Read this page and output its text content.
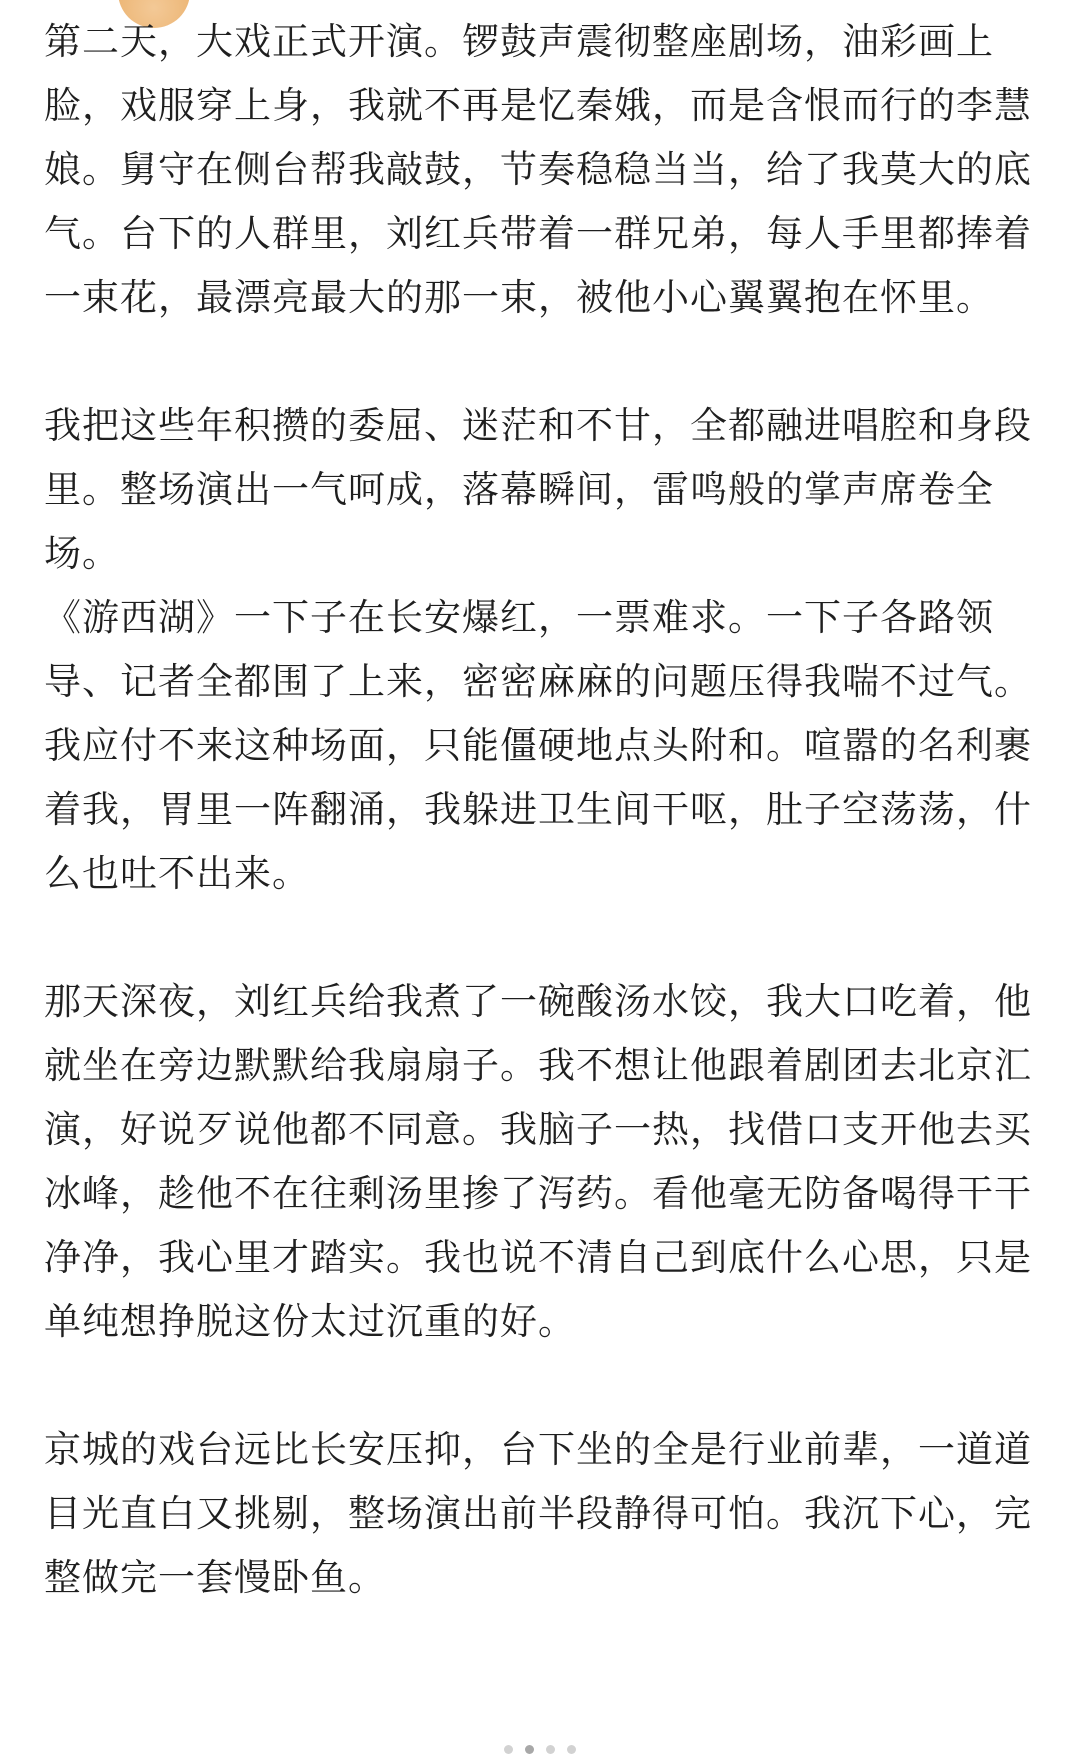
第二天，大戏正式开演。锣鼓声震彻整座剧场，油彩画上脸，戏服穿上身，我就不再是忆秦娥，而是含恨而行的李慧娘。舅守在侧台帮我敲鼓，节奏稳稳当当，给了我莫大的底气。台下的人群里，刘红兵带着一群兄弟，每人手里都捧着一束花，最漂亮最大的那一束，被他小心翼翼抱在怀里。

我把这些年积攒的委屈、迷茫和不甘，全都融进唱腔和身段里。整场演出一气呵成，落幕瞬间，雷鸣般的掌声席卷全场。

《游西湖》一下子在长安爆红，一票难求。一下子各路领导、记者全都围了上来，密密麻麻的问题压得我喘不过气。我应付不来这种场面，只能僵硬地点头附和。喧嚣的名利裹着我，胃里一阵翻涌，我躲进卫生间干呕，肚子空荡荡，什么也吐不出来。

那天深夜，刘红兵给我煮了一碗酸汤水饺，我大口吃着，他就坐在旁边默默给我扇扇子。我不想让他跟着剧团去北京汇演，好说歹说他都不同意。我脑子一热，找借口支开他去买冰峰，趁他不在往剩汤里掺了泻药。看他毫无防备喝得干干净净，我心里才踏实。我也说不清自己到底什么心思，只是单纯想挣脱这份太过沉重的好。

京城的戏台远比长安压抑，台下坐的全是行业前辈，一道道目光直白又挑剔，整场演出前半段静得可怕。我沉下心，完整做完一套慢卧鱼。
